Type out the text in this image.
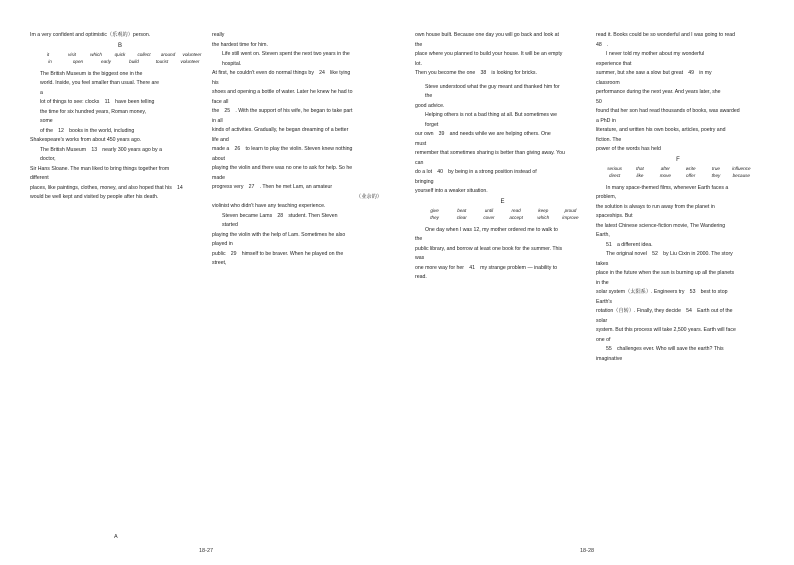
Im a very confident and optimistic（乐观的）person.

B

it	visit	which	quick	collect	around	volunteer
in	open	early	build	tourist	volunteer

The British Museum is the biggest one in the

world. Inside, you feel smaller than usual. There are

a

lot of things to see: clocks　11　have been telling

the time for six hundred years, Roman money,

some

of the　12　books in the world, including

Shakespeare's works from about 450 years ago.

The British Museum　13　nearly 300 years ago by a

doctor,

Sir Hans Sloane. The man liked to bring things together from

different

places, like paintings, clothes, money, and also hoped that his　14

would be well kept and visited by people after his death.

really

the hardest time for him.

Life still went on. Steven spent the next two years in the

hospital.

At first, he couldn't even do normal things by　24　like tying

his

shoes and opening a bottle of water. Later he knew he had to

face all

the　25　. With the support of his wife, he began to take part

in all

kinds of activities. Gradually, he began dreaming of a better

life and

made a　26　to learn to play the violin. Steven knew nothing

about

playing the violin and there was no one to ask for help. So he

made

progress very　27　. Then he met Lam, an amateur

（业余的）

violinist who didn't have any teaching experience.

Steven became Lams　28　student. Then Steven

started

playing the violin with the help of Lam. Sometimes he also

played in

public　29　himself to be braver. When he played on the

street,

own house built. Because one day you will go back and look at

the

place where you planned to build your house. It will be an empty

lot.

Then you become the one　38　is looking for bricks.

Steve understood what the guy meant and thanked him for

the

good advice.

Helping others is not a bad thing at all. But sometimes we

forget

our own　39　and needs while we are helping others. One

must

remember that sometimes sharing is better than giving away. You

can

do a lot　40　by being in a strong position instead of

bringing

yourself into a weaker situation.

E

give	beat	until	read	keep	proud
they	clear	cover	accept	which	improve

One day when I was 12, my mother ordered me to walk to

the

public library, and borrow at least one book for the summer. This

was

one more way for her　41　my strange problem — inability to

read.

read it. Books could be so wonderful and I was going to read

48　.

I never told my mother about my wonderful

experience that

summer, but she saw a slow but great　49　in my

classroom

performance during the next year. And years later, she

50

found that her son had read thousands of books, was awarded

a PhD in

literature, and written his own books, articles, poetry and

fiction. The

power of the words has held

F

serious	that	after	write	true	influence
direct	like	move	offer	they	because

In many space-themed films, whenever Earth faces a

problem,

the solution is always to run away from the planet in

spaceships. But

the latest Chinese science-fiction movie, The Wandering

Earth,

51　a different idea.

The original novel　52　by Liu Cixin in 2000. The story

takes

place in the future when the sun is burning up all the planets

in the

solar system（太阳系）. Engineers try　53　best to stop

Earth's

rotation（自转）. Finally, they decide　54　Earth out of the

solar

system. But this process will take 2,500 years. Earth will face

one of

55　challenges ever. Who will save the earth? This

imaginative

A
18-27	18-28
